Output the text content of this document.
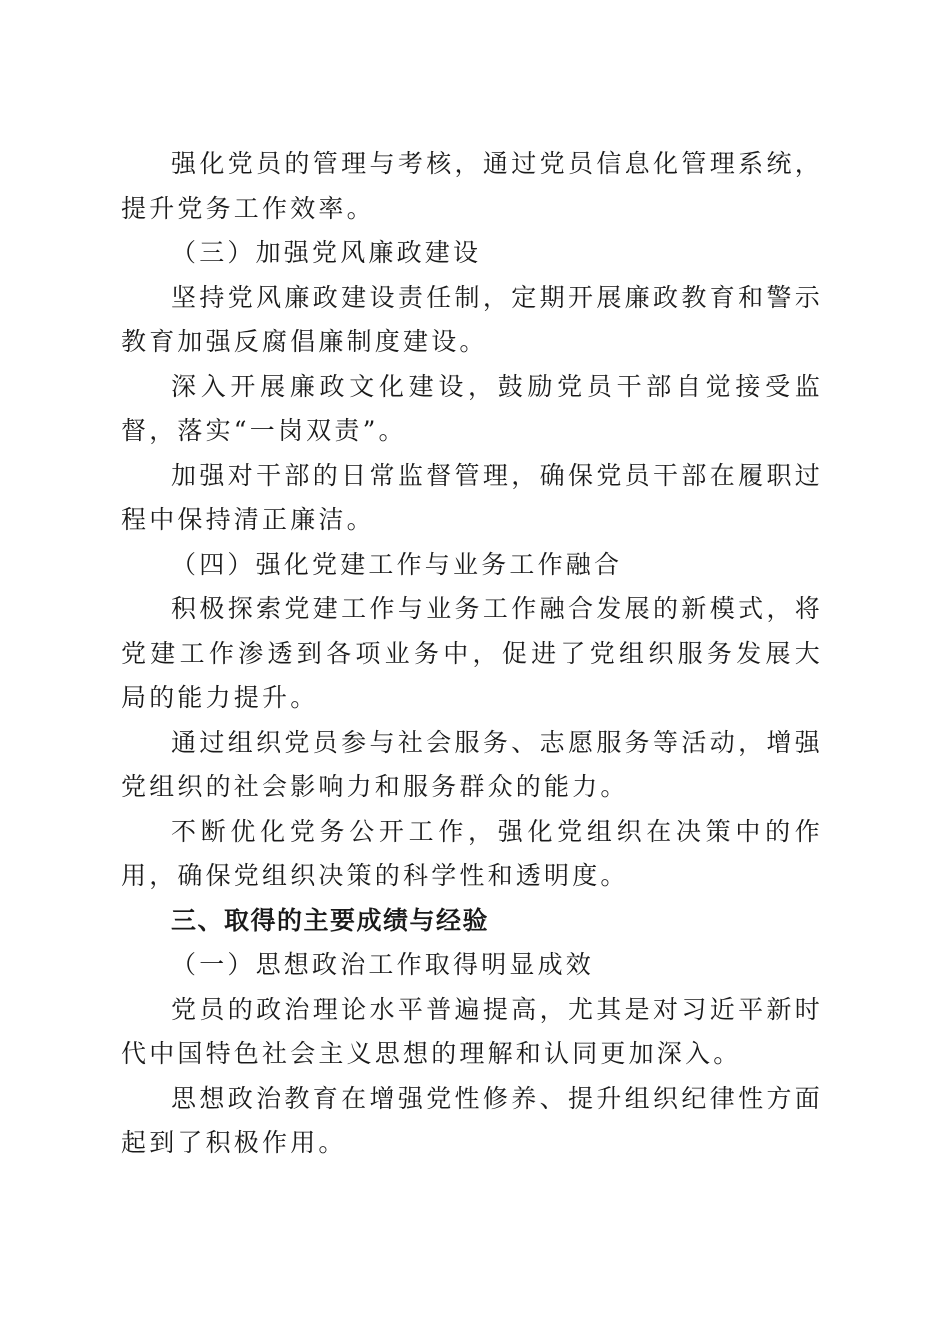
强化党员的管理与考核，通过党员信息化管理系统，提升党务工作效率。

（三）加强党风廉政建设

坚持党风廉政建设责任制，定期开展廉政教育和警示教育加强反腐倡廉制度建设。

深入开展廉政文化建设，鼓励党员干部自觉接受监督，落实“一岗双责”。

加强对干部的日常监督管理，确保党员干部在履职过程中保持清正廉洁。

（四）强化党建工作与业务工作融合

积极探索党建工作与业务工作融合发展的新模式，将党建工作渗透到各项业务中，促进了党组织服务发展大局的能力提升。

通过组织党员参与社会服务、志愿服务等活动，增强党组织的社会影响力和服务群众的能力。

不断优化党务公开工作，强化党组织在决策中的作用，确保党组织决策的科学性和透明度。

三、取得的主要成绩与经验

（一）思想政治工作取得明显成效

党员的政治理论水平普遍提高，尤其是对习近平新时代中国特色社会主义思想的理解和认同更加深入。

思想政治教育在增强党性修养、提升组织纪律性方面起到了积极作用。
